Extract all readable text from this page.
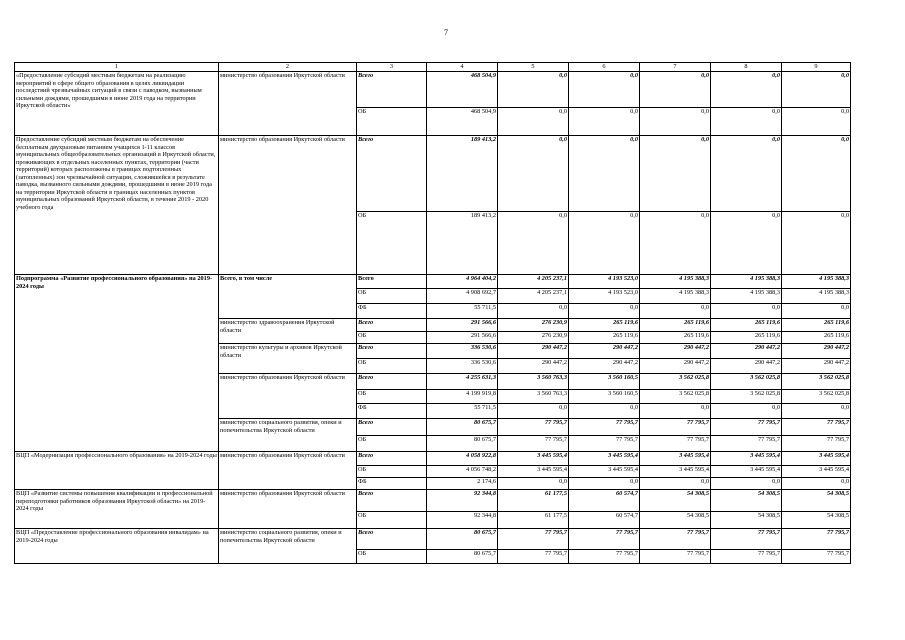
7
1	2	3	4	5	6	7	8	9
«Предоставление субсидий местным бюджетам на реализацию мероприятий в сфере общего образования в целях ликвидации последствий чрезвычайных ситуаций в связи с паводком, вызванным сильными дождями, прошедшими в июне 2019 года на территории Иркутской области»	министерство образования Иркутской области	Всего	468 504,9	0,0	0,0	0,0	0,0	0,0
		ОБ	468 504,9	0,0	0,0	0,0	0,0	0,0
Предоставление субсидий местным бюджетам на обеспечение бесплатным двухразовым питанием учащихся 1-11 классов муниципальных общеобразовательных организаций в Иркутской области, проживающих в отдельных населенных пунктах, территории (части территорий) которых расположены в границах подтопленных (затопленных) зон чрезвычайной ситуации, сложившейся в результате паводка, вызванного сильными дождями, прошедшими в июне 2019 года на территории Иркутской области в границах населенных пунктов муниципальных образований Иркутской области, в течение 2019 - 2020 учебного года	министерство образования Иркутской области	Всего	189 413,2	0,0	0,0	0,0	0,0	0,0
		ОБ	189 413,2	0,0	0,0	0,0	0,0	0,0
Подпрограмма «Развитие профессионального образования» на 2019-2024 годы	Всего, в том числе	Всего	4 964 404,2	4 205 237,1	4 193 523,0	4 195 388,3	4 195 388,3	4 195 388,3
		ОБ	4 908 692,7	4 205 237,1	4 193 523,0	4 195 388,3	4 195 388,3	4 195 388,3
		ФБ	55 711,5	0,0	0,0	0,0	0,0	0,0
	министерство здравоохранения Иркутской области	Всего	291 566,6	276 230,9	265 119,6	265 119,6	265 119,6	265 119,6
		ОБ	291 566,6	276 230,9	265 119,6	265 119,6	265 119,6	265 119,6
	министерство культуры и архивов Иркутской области	Всего	336 530,6	290 447,2	290 447,2	290 447,2	290 447,2	290 447,2
		ОБ	336 530,6	290 447,2	290 447,2	290 447,2	290 447,2	290 447,2
	министерство образования Иркутской области	Всего	4 255 631,3	3 560 763,3	3 560 160,5	3 562 025,8	3 562 025,8	3 562 025,8
		ОБ	4 199 919,8	3 560 763,3	3 560 160,5	3 562 025,8	3 562 025,8	3 562 025,8
		ФБ	55 711,5	0,0	0,0	0,0	0,0	0,0
	министерство социального развития, опеки и попечительства Иркутской области	Всего	80 675,7	77 795,7	77 795,7	77 795,7	77 795,7	77 795,7
		ОБ	80 675,7	77 795,7	77 795,7	77 795,7	77 795,7	77 795,7
ВЦП «Модернизация профессионального образования» на 2019-2024 годы	министерство образования Иркутской области	Всего	4 058 922,8	3 445 595,4	3 445 595,4	3 445 595,4	3 445 595,4	3 445 595,4
		ОБ	4 056 748,2	3 445 595,4	3 445 595,4	3 445 595,4	3 445 595,4	3 445 595,4
		ФБ	2 174,6	0,0	0,0	0,0	0,0	0,0
ВЦП «Развитие системы повышения квалификации и профессиональной переподготовки работников образования Иркутской области» на 2019-2024 годы	министерство образования Иркутской области	Всего	92 344,8	61 177,5	60 574,7	54 308,5	54 308,5	54 308,5
		ОБ	92 344,8	61 177,5	60 574,7	54 308,5	54 308,5	54 308,5
ВЦП «Предоставление профессионального образования инвалидам» на 2019-2024 годы	министерство социального развития, опеки и попечительства Иркутской области	Всего	80 675,7	77 795,7	77 795,7	77 795,7	77 795,7	77 795,7
		ОБ	80 675,7	77 795,7	77 795,7	77 795,7	77 795,7	77 795,7
